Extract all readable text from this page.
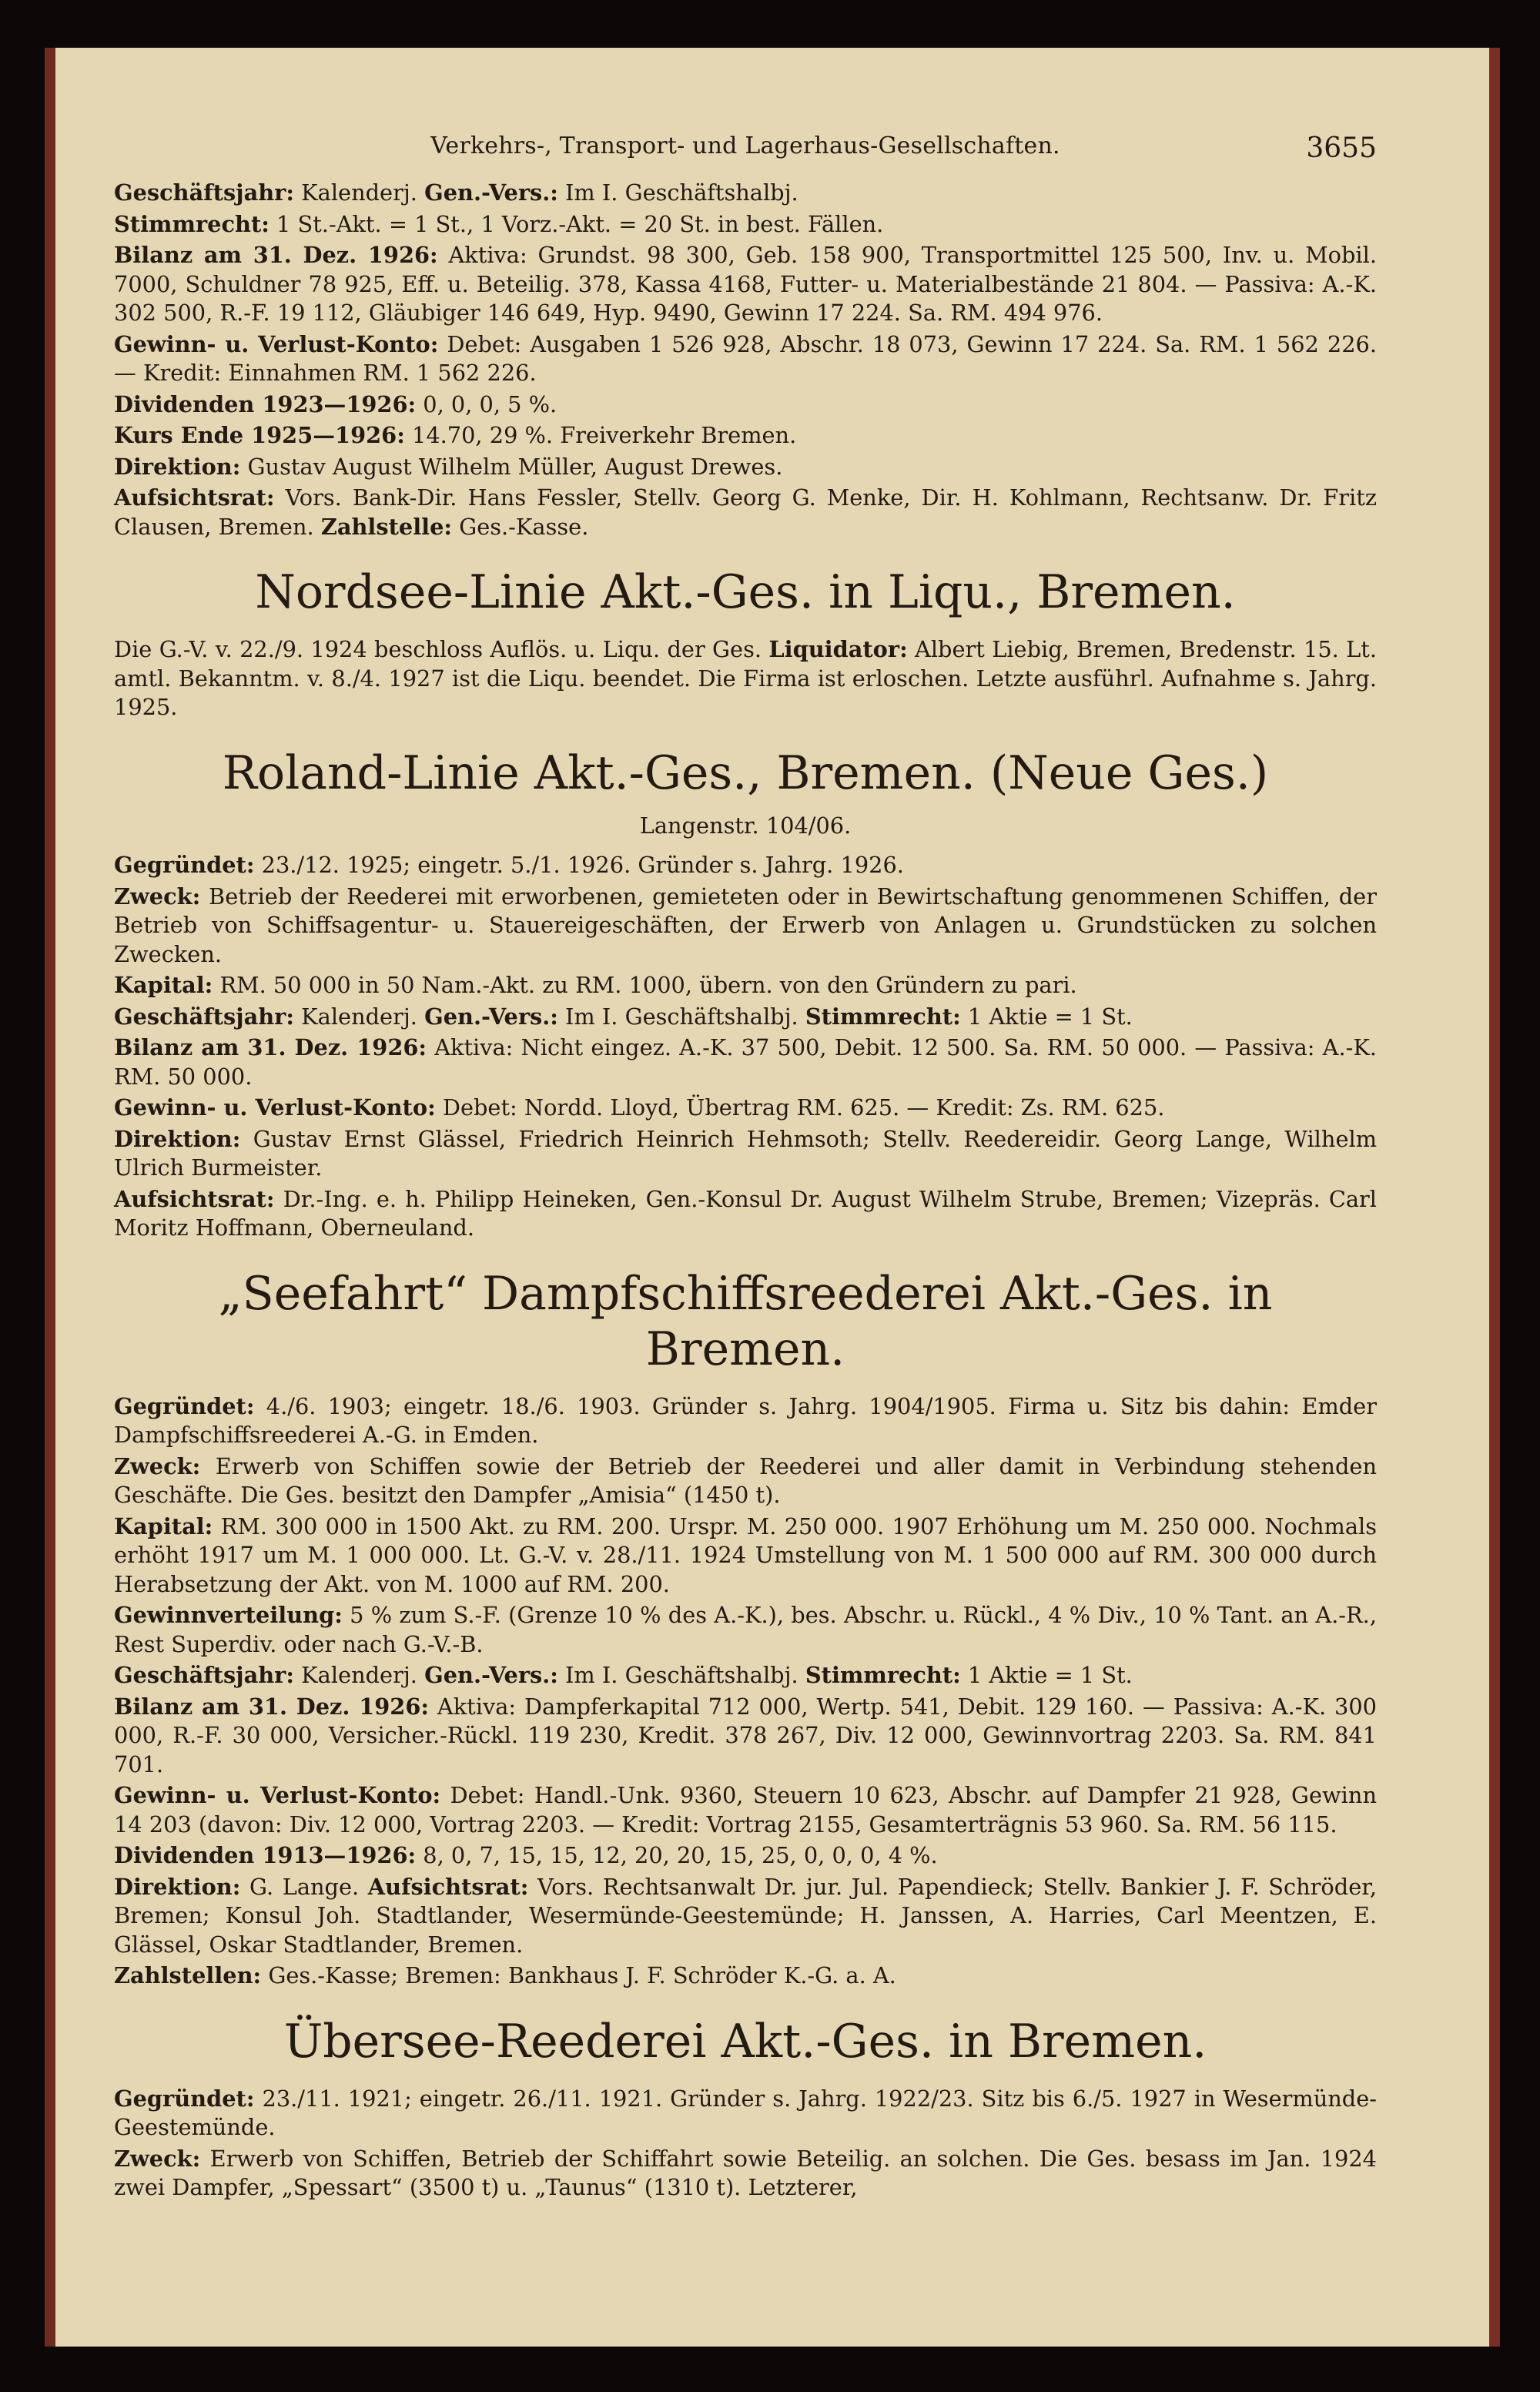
Verkehrs-, Transport- und Lagerhaus-Gesellschaften.	3655

Geschäftsjahr: Kalenderj. Gen.-Vers.: Im I. Geschäftshalbj.

Stimmrecht: 1 St.-Akt. = 1 St., 1 Vorz.-Akt. = 20 St. in best. Fällen.

Bilanz am 31. Dez. 1926: Aktiva: Grundst. 98 300, Geb. 158 900, Transportmittel 125 500, Inv. u. Mobil. 7000, Schuldner 78 925, Eff. u. Beteilig. 378, Kassa 4168, Futter- u. Materialbestände 21 804. — Passiva: A.-K. 302 500, R.-F. 19 112, Gläubiger 146 649, Hyp. 9490, Gewinn 17 224. Sa. RM. 494 976.

Gewinn- u. Verlust-Konto: Debet: Ausgaben 1 526 928, Abschr. 18 073, Gewinn 17 224. Sa. RM. 1 562 226. — Kredit: Einnahmen RM. 1 562 226.

Dividenden 1923—1926: 0, 0, 0, 5 %.

Kurs Ende 1925—1926: 14.70, 29 %. Freiverkehr Bremen.

Direktion: Gustav August Wilhelm Müller, August Drewes.

Aufsichtsrat: Vors. Bank-Dir. Hans Fessler, Stellv. Georg G. Menke, Dir. H. Kohlmann, Rechtsanw. Dr. Fritz Clausen, Bremen. Zahlstelle: Ges.-Kasse.

Nordsee-Linie Akt.-Ges. in Liqu., Bremen.

Die G.-V. v. 22./9. 1924 beschloss Auflös. u. Liqu. der Ges. Liquidator: Albert Liebig, Bremen, Bredenstr. 15. Lt. amtl. Bekanntm. v. 8./4. 1927 ist die Liqu. beendet. Die Firma ist erloschen. Letzte ausführl. Aufnahme s. Jahrg. 1925.

Roland-Linie Akt.-Ges., Bremen. (Neue Ges.)

Langenstr. 104/06.

Gegründet: 23./12. 1925; eingetr. 5./1. 1926. Gründer s. Jahrg. 1926.

Zweck: Betrieb der Reederei mit erworbenen, gemieteten oder in Bewirtschaftung genommenen Schiffen, der Betrieb von Schiffsagentur- u. Stauereigeschäften, der Erwerb von Anlagen u. Grundstücken zu solchen Zwecken.

Kapital: RM. 50 000 in 50 Nam.-Akt. zu RM. 1000, übern. von den Gründern zu pari.

Geschäftsjahr: Kalenderj. Gen.-Vers.: Im I. Geschäftshalbj. Stimmrecht: 1 Aktie = 1 St.

Bilanz am 31. Dez. 1926: Aktiva: Nicht eingez. A.-K. 37 500, Debit. 12 500. Sa. RM. 50 000. — Passiva: A.-K. RM. 50 000.

Gewinn- u. Verlust-Konto: Debet: Nordd. Lloyd, Übertrag RM. 625. — Kredit: Zs. RM. 625.

Direktion: Gustav Ernst Glässel, Friedrich Heinrich Hehmsoth; Stellv. Reedereidir. Georg Lange, Wilhelm Ulrich Burmeister.

Aufsichtsrat: Dr.-Ing. e. h. Philipp Heineken, Gen.-Konsul Dr. August Wilhelm Strube, Bremen; Vizepräs. Carl Moritz Hoffmann, Oberneuland.

„Seefahrt“ Dampfschiffsreederei Akt.-Ges. in Bremen.

Gegründet: 4./6. 1903; eingetr. 18./6. 1903. Gründer s. Jahrg. 1904/1905. Firma u. Sitz bis dahin: Emder Dampfschiffsreederei A.-G. in Emden.

Zweck: Erwerb von Schiffen sowie der Betrieb der Reederei und aller damit in Verbindung stehenden Geschäfte. Die Ges. besitzt den Dampfer „Amisia“ (1450 t).

Kapital: RM. 300 000 in 1500 Akt. zu RM. 200. Urspr. M. 250 000. 1907 Erhöhung um M. 250 000. Nochmals erhöht 1917 um M. 1 000 000. Lt. G.-V. v. 28./11. 1924 Umstellung von M. 1 500 000 auf RM. 300 000 durch Herabsetzung der Akt. von M. 1000 auf RM. 200.

Gewinnverteilung: 5 % zum S.-F. (Grenze 10 % des A.-K.), bes. Abschr. u. Rückl., 4 % Div., 10 % Tant. an A.-R., Rest Superdiv. oder nach G.-V.-B.

Geschäftsjahr: Kalenderj. Gen.-Vers.: Im I. Geschäftshalbj. Stimmrecht: 1 Aktie = 1 St.

Bilanz am 31. Dez. 1926: Aktiva: Dampferkapital 712 000, Wertp. 541, Debit. 129 160. — Passiva: A.-K. 300 000, R.-F. 30 000, Versicher.-Rückl. 119 230, Kredit. 378 267, Div. 12 000, Gewinnvortrag 2203. Sa. RM. 841 701.

Gewinn- u. Verlust-Konto: Debet: Handl.-Unk. 9360, Steuern 10 623, Abschr. auf Dampfer 21 928, Gewinn 14 203 (davon: Div. 12 000, Vortrag 2203. — Kredit: Vortrag 2155, Gesamterträgnis 53 960. Sa. RM. 56 115.

Dividenden 1913—1926: 8, 0, 7, 15, 15, 12, 20, 20, 15, 25, 0, 0, 0, 4 %.

Direktion: G. Lange. Aufsichtsrat: Vors. Rechtsanwalt Dr. jur. Jul. Papendieck; Stellv. Bankier J. F. Schröder, Bremen; Konsul Joh. Stadtlander, Wesermünde-Geestemünde; H. Janssen, A. Harries, Carl Meentzen, E. Glässel, Oskar Stadtlander, Bremen.

Zahlstellen: Ges.-Kasse; Bremen: Bankhaus J. F. Schröder K.-G. a. A.

Übersee-Reederei Akt.-Ges. in Bremen.

Gegründet: 23./11. 1921; eingetr. 26./11. 1921. Gründer s. Jahrg. 1922/23. Sitz bis 6./5. 1927 in Wesermünde-Geestemünde.

Zweck: Erwerb von Schiffen, Betrieb der Schiffahrt sowie Beteilig. an solchen. Die Ges. besass im Jan. 1924 zwei Dampfer, „Spessart“ (3500 t) u. „Taunus“ (1310 t). Letzterer,
